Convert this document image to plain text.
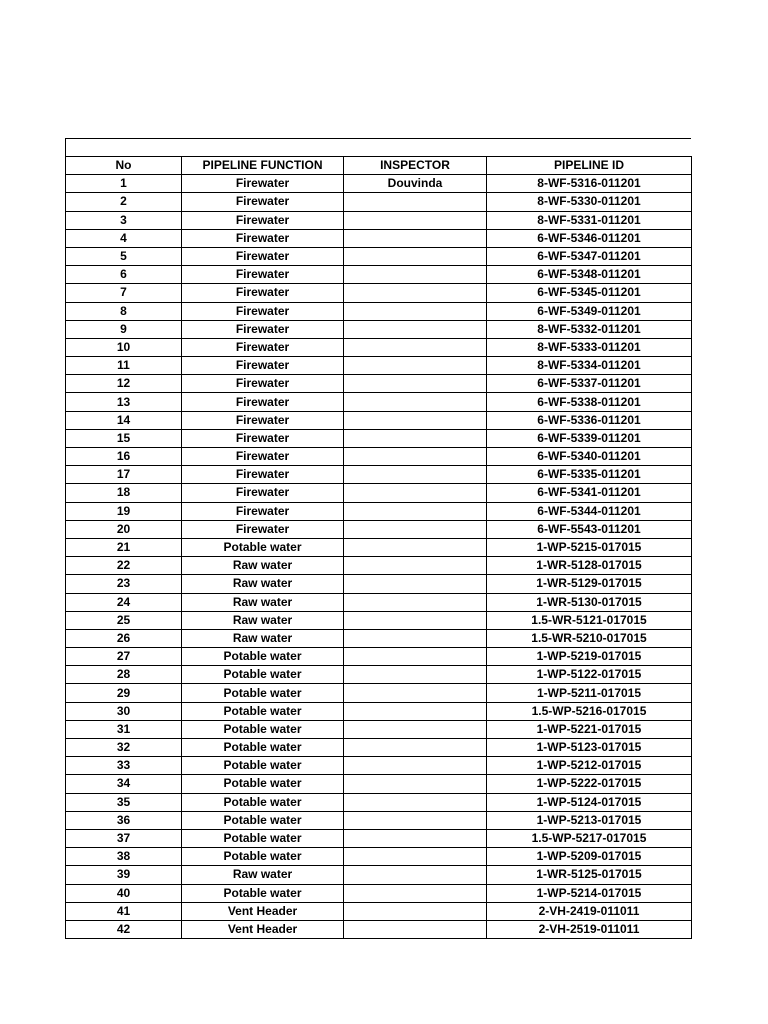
No	PIPELINE FUNCTION	INSPECTOR	PIPELINE ID
1	Firewater	Douvinda	8-WF-5316-011201
2	Firewater		8-WF-5330-011201
3	Firewater		8-WF-5331-011201
4	Firewater		6-WF-5346-011201
5	Firewater		6-WF-5347-011201
6	Firewater		6-WF-5348-011201
7	Firewater		6-WF-5345-011201
8	Firewater		6-WF-5349-011201
9	Firewater		8-WF-5332-011201
10	Firewater		8-WF-5333-011201
11	Firewater		8-WF-5334-011201
12	Firewater		6-WF-5337-011201
13	Firewater		6-WF-5338-011201
14	Firewater		6-WF-5336-011201
15	Firewater		6-WF-5339-011201
16	Firewater		6-WF-5340-011201
17	Firewater		6-WF-5335-011201
18	Firewater		6-WF-5341-011201
19	Firewater		6-WF-5344-011201
20	Firewater		6-WF-5543-011201
21	Potable water		1-WP-5215-017015
22	Raw water		1-WR-5128-017015
23	Raw water		1-WR-5129-017015
24	Raw water		1-WR-5130-017015
25	Raw water		1.5-WR-5121-017015
26	Raw water		1.5-WR-5210-017015
27	Potable water		1-WP-5219-017015
28	Potable water		1-WP-5122-017015
29	Potable water		1-WP-5211-017015
30	Potable water		1.5-WP-5216-017015
31	Potable water		1-WP-5221-017015
32	Potable water		1-WP-5123-017015
33	Potable water		1-WP-5212-017015
34	Potable water		1-WP-5222-017015
35	Potable water		1-WP-5124-017015
36	Potable water		1-WP-5213-017015
37	Potable water		1.5-WP-5217-017015
38	Potable water		1-WP-5209-017015
39	Raw water		1-WR-5125-017015
40	Potable water		1-WP-5214-017015
41	Vent Header		2-VH-2419-011011
42	Vent Header		2-VH-2519-011011
